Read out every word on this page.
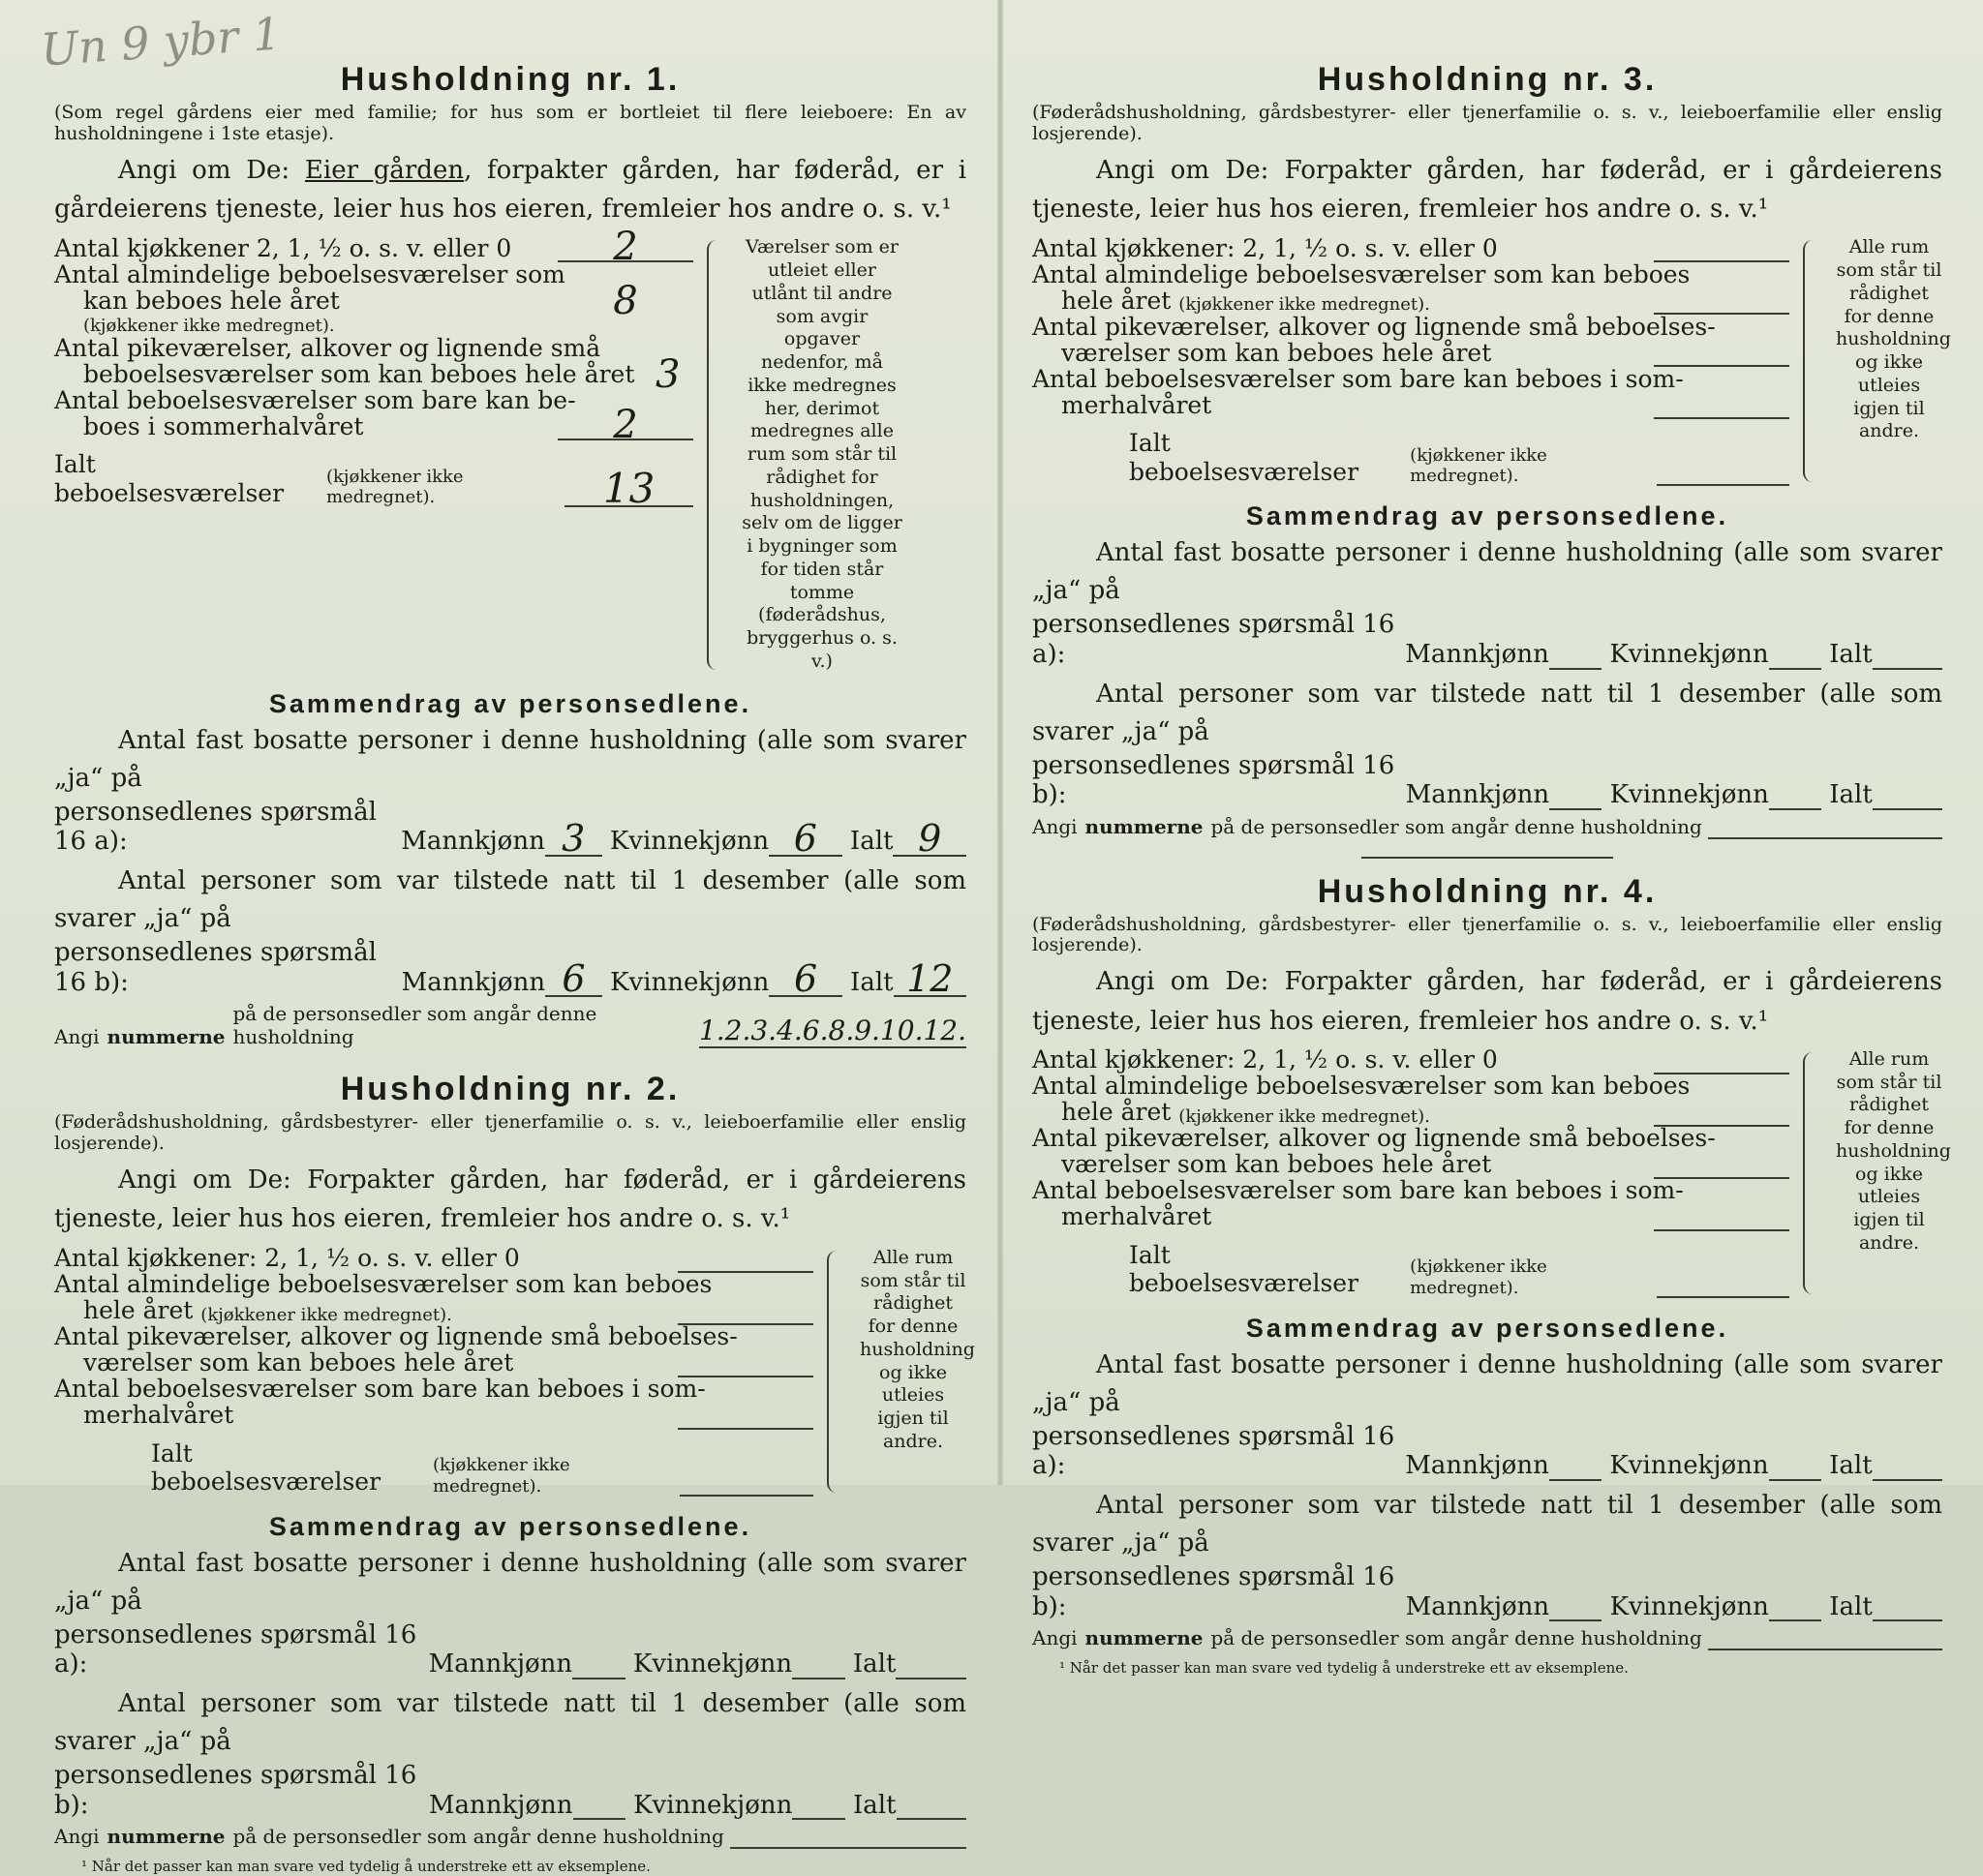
Un 9 ybr 1
Husholdning nr. 1.
(Som regel gårdens eier med familie; for hus som er bortleiet til flere leieboere: En av husholdningene i 1ste etasje).
Angi om De: Eier gården, forpakter gården, har føderåd, er i gårdeierens tjeneste, leier hus hos eieren, fremleier hos andre o. s. v.¹
Antal kjøkkener 2, 1, ½ o. s. v. eller 0	2
Antal almindelige beboelsesværelser som
kan beboes hele året	8
(kjøkkener ikke medregnet).
Antal pikeværelser, alkover og lignende små
beboelsesværelser som kan beboes hele året 3
Antal beboelsesværelser som bare kan be-
boes i sommerhalvåret	2
Ialt beboelsesværelser

(kjøkkener ikke medregnet).	13
Værelser som er utleiet eller utlånt til andre som avgir opgaver nedenfor, må ikke medregnes her, derimot medregnes alle rum som står til rådighet for husholdningen, selv om de ligger i bygninger som for tiden står tomme (føderådshus, bryggerhus o. s. v.)
Sammendrag av personsedlene.
Antal fast bosatte personer i denne husholdning (alle som svarer „ja“ på
personsedlenes spørsmål 16 a):
	Mannkjønn 3
Kvinnekjønn 6
	Ialt 9
Antal personer som var tilstede natt til 1 desember (alle som svarer „ja“ på
personsedlenes spørsmål 16 b):
	Mannkjønn 6
Kvinnekjønn 6
	Ialt 12
Angi nummerne
på de personsedler som angår denne husholdning	1.2.3.4.6.8.9.10.12.
Husholdning nr. 2.
(Føderådshusholdning, gårdsbestyrer- eller tjenerfamilie o. s. v., leieboerfamilie eller enslig losjerende).
Angi om De: Forpakter gården, har føderåd, er i gårdeierens tjeneste, leier hus hos eieren, fremleier hos andre o. s. v.¹
Antal kjøkkener: 2, 1, ½ o. s. v. eller 0
Antal almindelige beboelsesværelser som kan beboes
hele året
(kjøkkener ikke medregnet).
Antal pikeværelser, alkover og lignende små beboelses-
værelser som kan beboes hele året
Antal beboelsesværelser som bare kan beboes i som-
merhalvåret
Ialt beboelsesværelser

(kjøkkener ikke medregnet).
Alle rum som står til rådighet for denne husholdning og ikke utleies igjen til andre.
Sammendrag av personsedlene.
Antal fast bosatte personer i denne husholdning (alle som svarer „ja“ på
personsedlenes spørsmål 16 a):
	Mannkjønn
Kvinnekjønn
Ialt
Antal personer som var tilstede natt til 1 desember (alle som svarer „ja“ på
personsedlenes spørsmål 16 b):
	Mannkjønn
Kvinnekjønn
Ialt
Angi nummerne på de personsedler som angår denne husholdning
¹ Når det passer kan man svare ved tydelig å understreke ett av eksemplene.
Husholdning nr. 3.
(Føderådshusholdning, gårdsbestyrer- eller tjenerfamilie o. s. v., leieboerfamilie eller enslig losjerende).
Angi om De: Forpakter gården, har føderåd, er i gårdeierens tjeneste, leier hus hos eieren, fremleier hos andre o. s. v.¹
Antal kjøkkener: 2, 1, ½ o. s. v. eller 0
Antal almindelige beboelsesværelser som kan beboes
hele året
(kjøkkener ikke medregnet).
Antal pikeværelser, alkover og lignende små beboelses-
værelser som kan beboes hele året
Antal beboelsesværelser som bare kan beboes i som-
merhalvåret
Ialt beboelsesværelser

(kjøkkener ikke medregnet).
Alle rum som står til rådighet for denne husholdning og ikke utleies igjen til andre.
Sammendrag av personsedlene.
Antal fast bosatte personer i denne husholdning (alle som svarer „ja“ på
personsedlenes spørsmål 16 a):
	Mannkjønn
Kvinnekjønn
Ialt
Antal personer som var tilstede natt til 1 desember (alle som svarer „ja“ på
personsedlenes spørsmål 16 b):
	Mannkjønn
Kvinnekjønn
Ialt
Angi nummerne på de personsedler som angår denne husholdning
Husholdning nr. 4.
(Føderådshusholdning, gårdsbestyrer- eller tjenerfamilie o. s. v., leieboerfamilie eller enslig losjerende).
Angi om De: Forpakter gården, har føderåd, er i gårdeierens tjeneste, leier hus hos eieren, fremleier hos andre o. s. v.¹
Antal kjøkkener: 2, 1, ½ o. s. v. eller 0
Antal almindelige beboelsesværelser som kan beboes
hele året
(kjøkkener ikke medregnet).
Antal pikeværelser, alkover og lignende små beboelses-
værelser som kan beboes hele året
Antal beboelsesværelser som bare kan beboes i som-
merhalvåret
Ialt beboelsesværelser

(kjøkkener ikke medregnet).
Alle rum som står til rådighet for denne husholdning og ikke utleies igjen til andre.
Sammendrag av personsedlene.
Antal fast bosatte personer i denne husholdning (alle som svarer „ja“ på
personsedlenes spørsmål 16 a):
	Mannkjønn
Kvinnekjønn
Ialt
Antal personer som var tilstede natt til 1 desember (alle som svarer „ja“ på
personsedlenes spørsmål 16 b):
	Mannkjønn
Kvinnekjønn
Ialt
Angi nummerne på de personsedler som angår denne husholdning
¹ Når det passer kan man svare ved tydelig å understreke ett av eksemplene.
